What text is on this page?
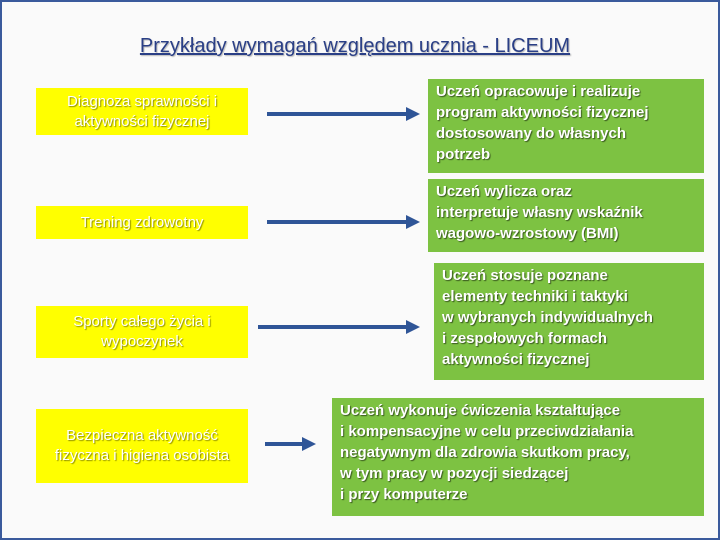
Przykłady wymagań względem ucznia - LICEUM
Diagnoza sprawności i aktywności fizycznej
Trening zdrowotny
Sporty całego życia i wypoczynek
Bezpieczna aktywność fizyczna i higiena osobista
Uczeń opracowuje i realizuje
program aktywności fizycznej
dostosowany do własnych
potrzeb
Uczeń wylicza oraz
interpretuje własny wskaźnik
wagowo-wzrostowy (BMI)
Uczeń stosuje poznane
elementy techniki i taktyki
w wybranych indywidualnych
i zespołowych formach
aktywności fizycznej
Uczeń wykonuje ćwiczenia kształtujące
i kompensacyjne w celu przeciwdziałania
negatywnym dla zdrowia skutkom pracy,
w tym pracy w pozycji siedzącej
i przy komputerze
